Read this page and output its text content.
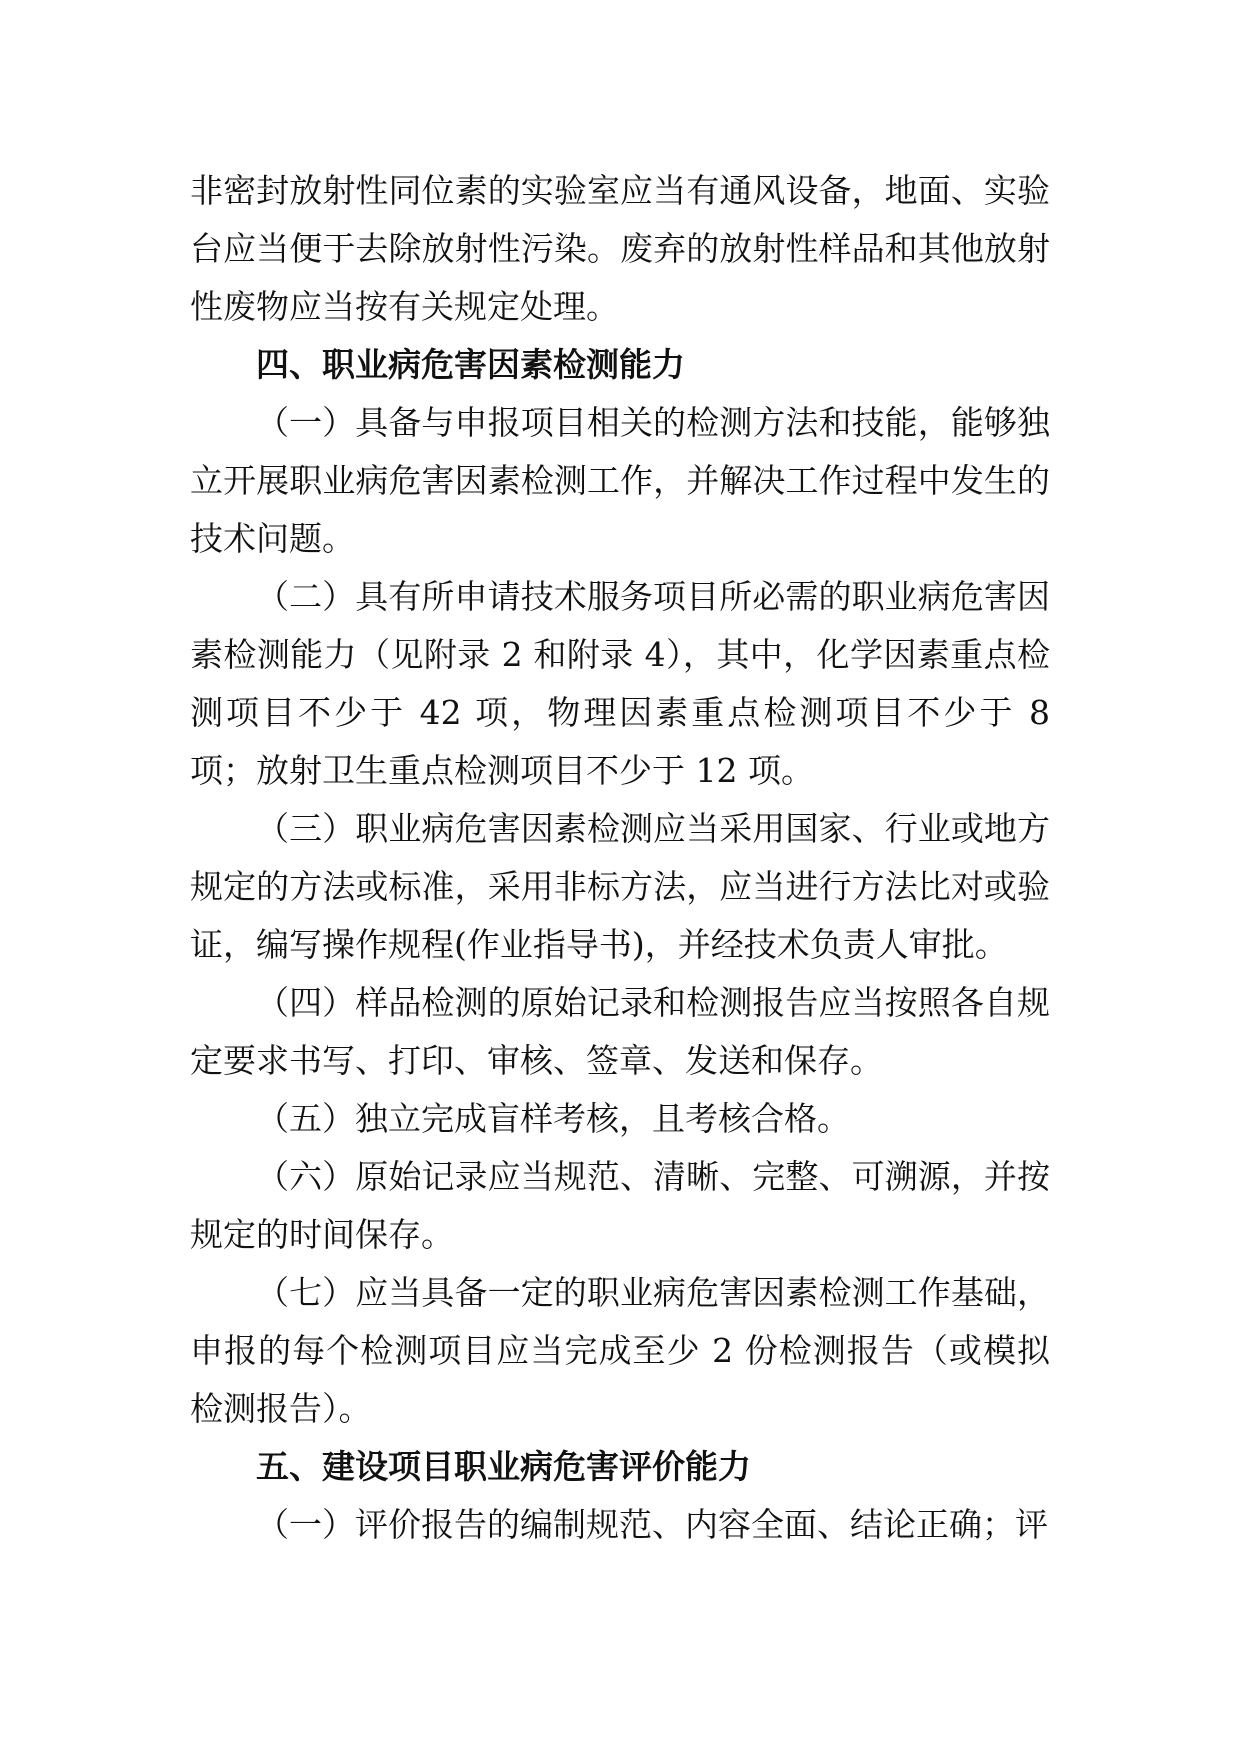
非密封放射性同位素的实验室应当有通风设备，地面、实验台应当便于去除放射性污染。废弃的放射性样品和其他放射性废物应当按有关规定处理。

四、职业病危害因素检测能力

（一）具备与申报项目相关的检测方法和技能，能够独立开展职业病危害因素检测工作，并解决工作过程中发生的技术问题。

（二）具有所申请技术服务项目所必需的职业病危害因素检测能力（见附录 2 和附录 4），其中，化学因素重点检测项目不少于 42 项，物理因素重点检测项目不少于 8 项；放射卫生重点检测项目不少于 12 项。

（三）职业病危害因素检测应当采用国家、行业或地方规定的方法或标准，采用非标方法，应当进行方法比对或验证，编写操作规程(作业指导书)，并经技术负责人审批。

（四）样品检测的原始记录和检测报告应当按照各自规定要求书写、打印、审核、签章、发送和保存。

（五）独立完成盲样考核，且考核合格。

（六）原始记录应当规范、清晰、完整、可溯源，并按规定的时间保存。

（七）应当具备一定的职业病危害因素检测工作基础，申报的每个检测项目应当完成至少 2 份检测报告（或模拟检测报告）。

五、建设项目职业病危害评价能力

（一）评价报告的编制规范、内容全面、结论正确；评
